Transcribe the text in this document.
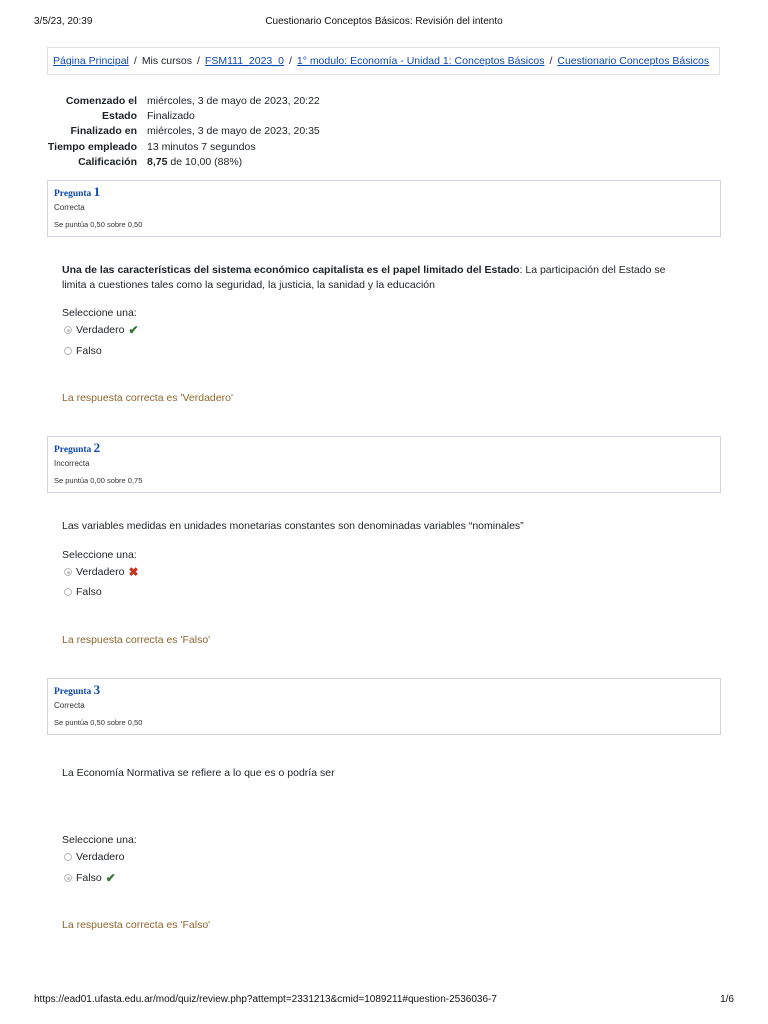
3/5/23, 20:39	Cuestionario Conceptos Básicos: Revisión del intento
Página Principal / Mis cursos / FSM111_2023_0 / 1° modulo: Economía - Unidad 1: Conceptos Básicos / Cuestionario Conceptos Básicos
Comenzado el miércoles, 3 de mayo de 2023, 20:22
Estado Finalizado
Finalizado en miércoles, 3 de mayo de 2023, 20:35
Tiempo empleado 13 minutos 7 segundos
Calificación 8,75 de 10,00 (88%)
Pregunta 1
Correcta
Se puntúa 0,50 sobre 0,50
Una de las características del sistema económico capitalista es el papel limitado del Estado: La participación del Estado se limita a cuestiones tales como la seguridad, la justicia, la sanidad y la educación
Seleccione una:
Verdadero ✔
Falso
La respuesta correcta es 'Verdadero'
Pregunta 2
Incorrecta
Se puntúa 0,00 sobre 0,75
Las variables medidas en unidades monetarias constantes son denominadas variables “nominales”
Seleccione una:
Verdadero ✖
Falso
La respuesta correcta es 'Falso'
Pregunta 3
Correcta
Se puntúa 0,50 sobre 0,50
La Economía Normativa se refiere a lo que es o podría ser
Seleccione una:
Verdadero
Falso ✔
La respuesta correcta es 'Falso'
https://ead01.ufasta.edu.ar/mod/quiz/review.php?attempt=2331213&cmid=1089211#question-2536036-7	1/6
